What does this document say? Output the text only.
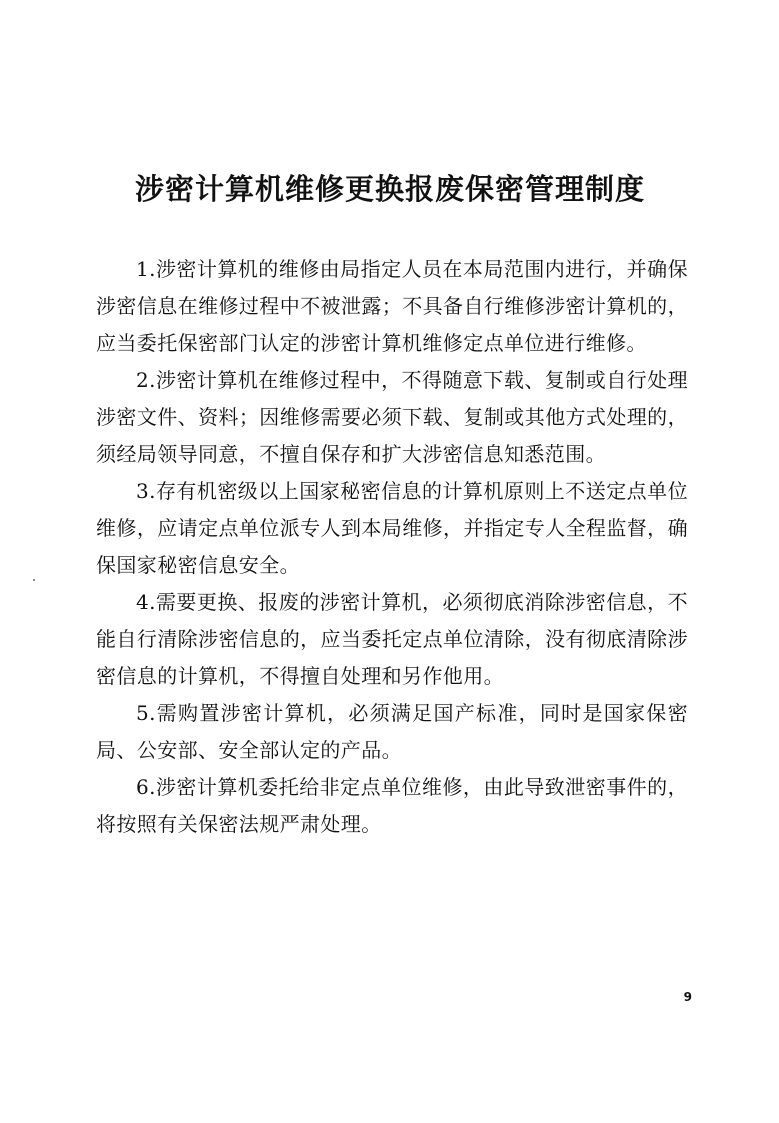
涉密计算机维修更换报废保密管理制度

1.涉密计算机的维修由局指定人员在本局范围内进行，并确保涉密信息在维修过程中不被泄露；不具备自行维修涉密计算机的，应当委托保密部门认定的涉密计算机维修定点单位进行维修。

2.涉密计算机在维修过程中，不得随意下载、复制或自行处理涉密文件、资料；因维修需要必须下载、复制或其他方式处理的，须经局领导同意，不擅自保存和扩大涉密信息知悉范围。

3.存有机密级以上国家秘密信息的计算机原则上不送定点单位维修，应请定点单位派专人到本局维修，并指定专人全程监督，确保国家秘密信息安全。

4.需要更换、报废的涉密计算机，必须彻底消除涉密信息，不能自行清除涉密信息的，应当委托定点单位清除，没有彻底清除涉密信息的计算机，不得擅自处理和另作他用。

5.需购置涉密计算机，必须满足国产标准，同时是国家保密局、公安部、安全部认定的产品。

6.涉密计算机委托给非定点单位维修，由此导致泄密事件的，将按照有关保密法规严肃处理。

9
